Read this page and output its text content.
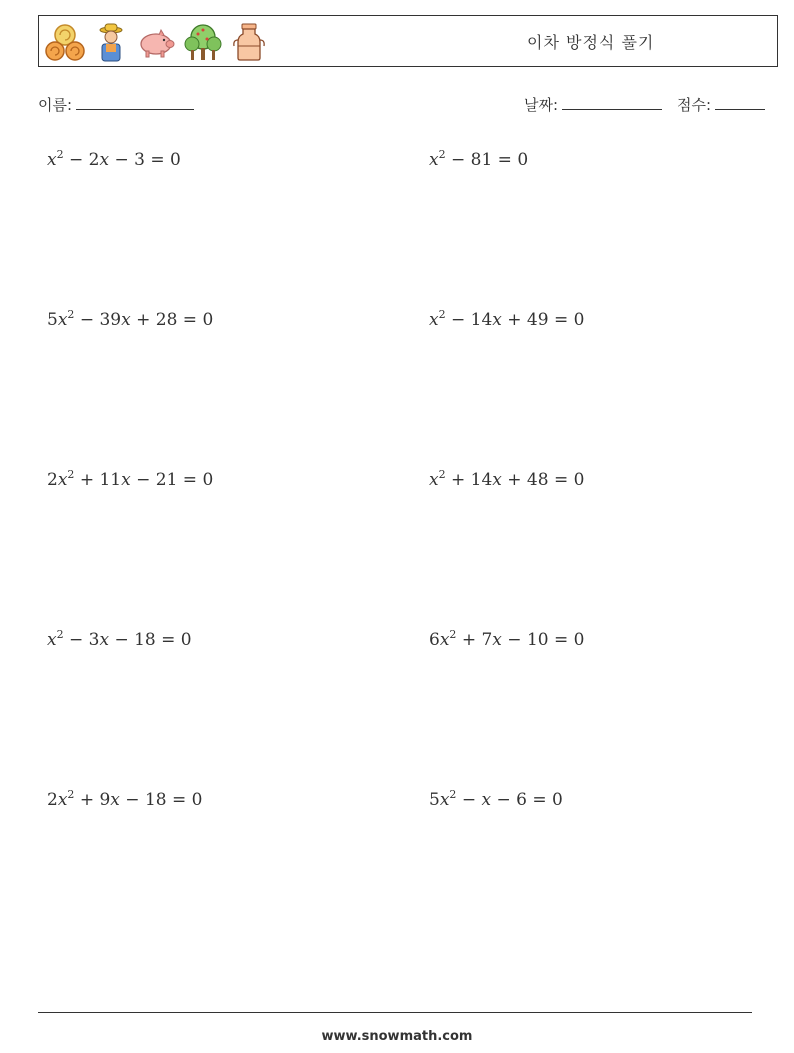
이차 방정식 풀기
이름:	날짜:	점수:
$x^2 - 2x - 3 = 0$	$x^2 - 81 = 0$
$5x^2 - 39x + 28 = 0$	$x^2 - 14x + 49 = 0$
$2x^2 + 11x - 21 = 0$	$x^2 + 14x + 48 = 0$
$x^2 - 3x - 18 = 0$	$6x^2 + 7x - 10 = 0$
$2x^2 + 9x - 18 = 0$	$5x^2 - x - 6 = 0$
www.snowmath.com
